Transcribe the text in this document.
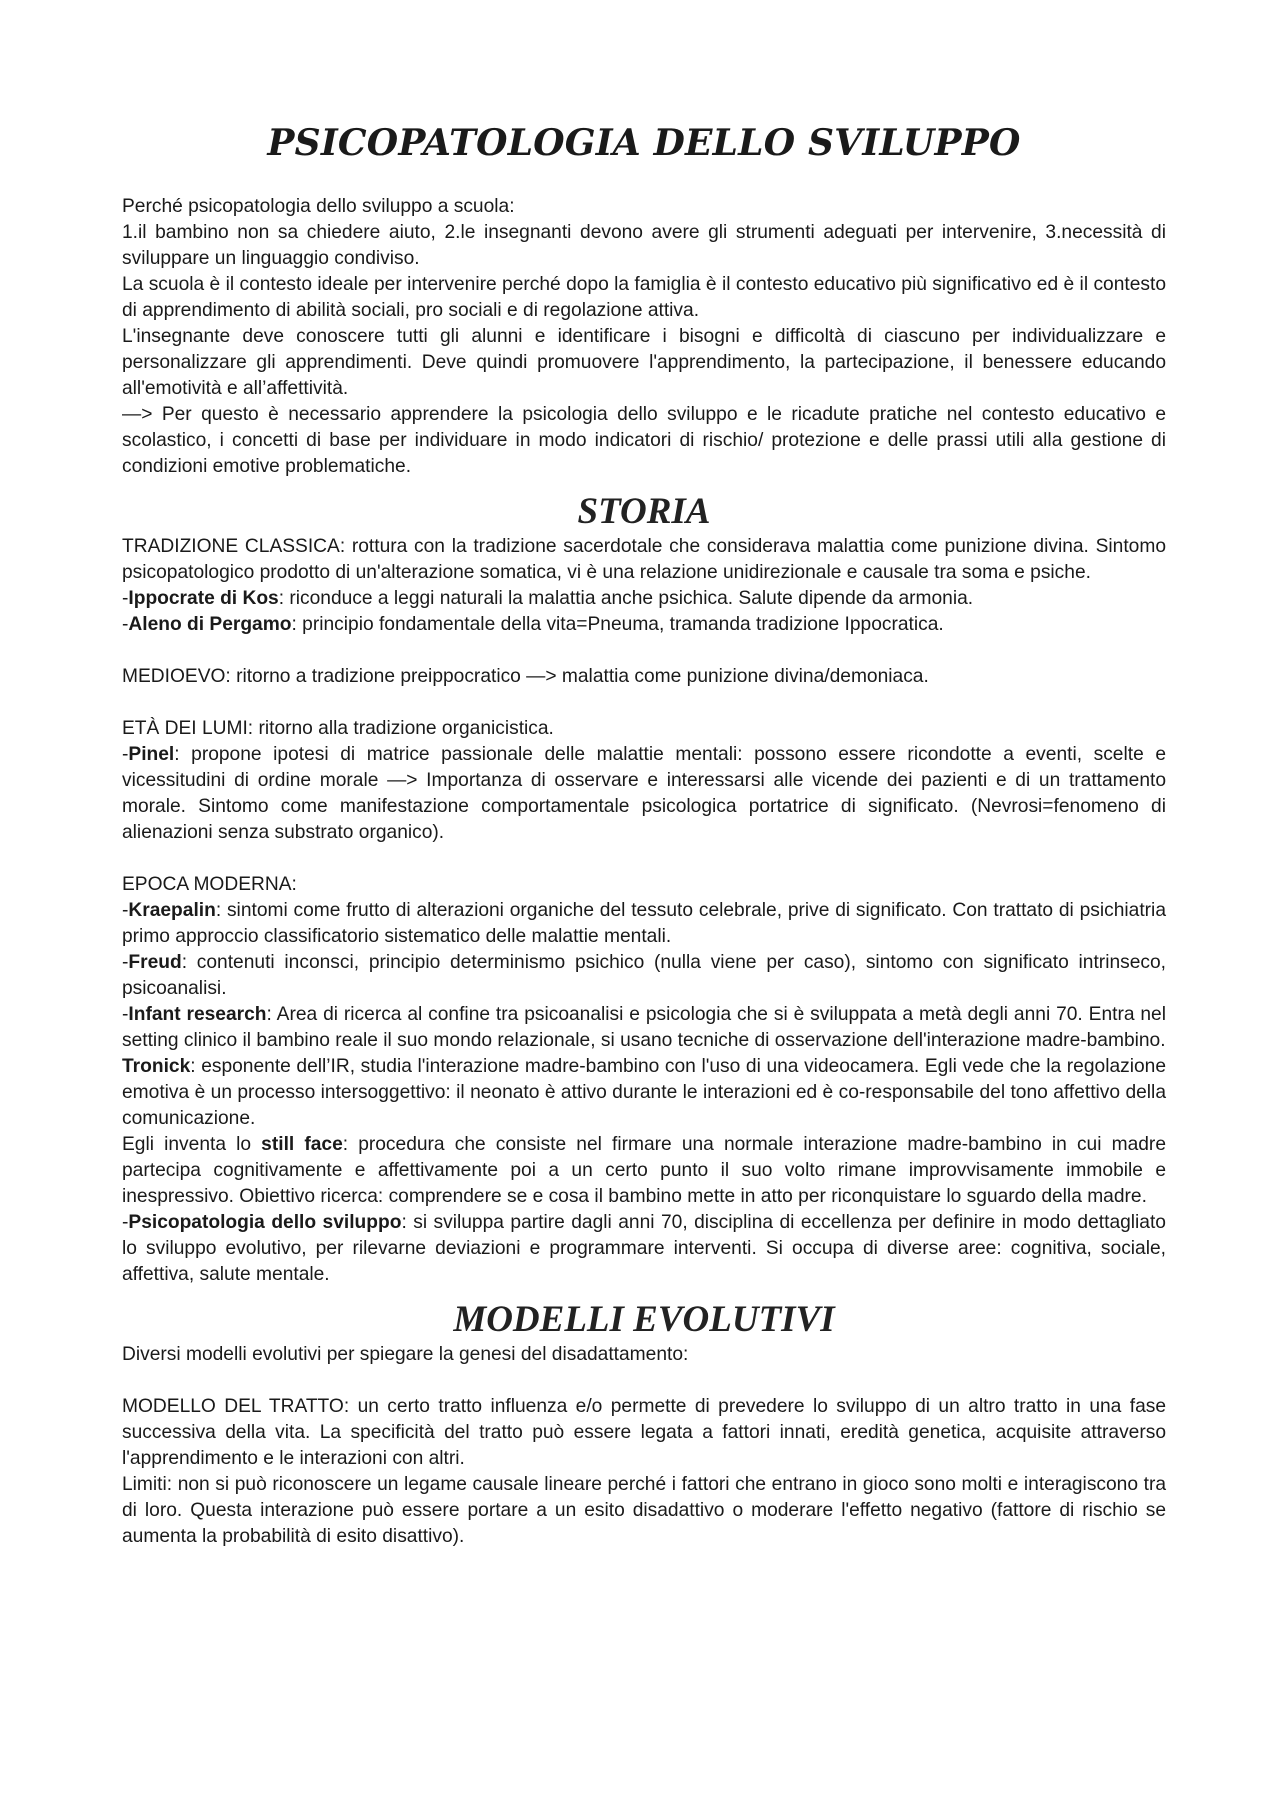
PSICOPATOLOGIA DELLO SVILUPPO

Perché psicopatologia dello sviluppo a scuola:

1.il bambino non sa chiedere aiuto, 2.le insegnanti devono avere gli strumenti adeguati per intervenire, 3.necessità di sviluppare un linguaggio condiviso.

La scuola è il contesto ideale per intervenire perché dopo la famiglia è il contesto educativo più significativo ed è il contesto di apprendimento di abilità sociali, pro sociali e di regolazione attiva.

L'insegnante deve conoscere tutti gli alunni e identificare i bisogni e difficoltà di ciascuno per individualizzare e personalizzare gli apprendimenti. Deve quindi promuovere l'apprendimento, la partecipazione, il benessere educando all'emotività e all’affettività.

—> Per questo è necessario apprendere la psicologia dello sviluppo e le ricadute pratiche nel contesto educativo e scolastico, i concetti di base per individuare in modo indicatori di rischio/ protezione e delle prassi utili alla gestione di condizioni emotive problematiche.

STORIA

TRADIZIONE CLASSICA: rottura con la tradizione sacerdotale che considerava malattia come punizione divina. Sintomo psicopatologico prodotto di un'alterazione somatica, vi è una relazione unidirezionale e causale tra soma e psiche.

-Ippocrate di Kos: riconduce a leggi naturali la malattia anche psichica. Salute dipende da armonia.

-Aleno di Pergamo: principio fondamentale della vita=Pneuma, tramanda tradizione Ippocratica.

MEDIOEVO: ritorno a tradizione preippocratico —> malattia come punizione divina/demoniaca.

ETÀ DEI LUMI: ritorno alla tradizione organicistica.

-Pinel: propone ipotesi di matrice passionale delle malattie mentali: possono essere ricondotte a eventi, scelte e vicessitudini di ordine morale —> Importanza di osservare e interessarsi alle vicende dei pazienti e di un trattamento morale. Sintomo come manifestazione comportamentale psicologica portatrice di significato. (Nevrosi=fenomeno di alienazioni senza substrato organico).

EPOCA MODERNA:

-Kraepalin: sintomi come frutto di alterazioni organiche del tessuto celebrale, prive di significato. Con trattato di psichiatria primo approccio classificatorio sistematico delle malattie mentali.

-Freud: contenuti inconsci, principio determinismo psichico (nulla viene per caso), sintomo con significato intrinseco, psicoanalisi.

-Infant research: Area di ricerca al confine tra psicoanalisi e psicologia che si è sviluppata a metà degli anni 70. Entra nel setting clinico il bambino reale il suo mondo relazionale, si usano tecniche di osservazione dell'interazione madre-bambino.

Tronick: esponente dell’IR, studia l'interazione madre-bambino con l'uso di una videocamera. Egli vede che la regolazione emotiva è un processo intersoggettivo: il neonato è attivo durante le interazioni ed è co-responsabile del tono affettivo della comunicazione.

Egli inventa lo still face: procedura che consiste nel firmare una normale interazione madre-bambino in cui madre partecipa cognitivamente e affettivamente poi a un certo punto il suo volto rimane improvvisamente immobile e inespressivo. Obiettivo ricerca: comprendere se e cosa il bambino mette in atto per riconquistare lo sguardo della madre.

-Psicopatologia dello sviluppo: si sviluppa partire dagli anni 70, disciplina di eccellenza per definire in modo dettagliato lo sviluppo evolutivo, per rilevarne deviazioni e programmare interventi. Si occupa di diverse aree: cognitiva, sociale, affettiva, salute mentale.

MODELLI EVOLUTIVI

Diversi modelli evolutivi per spiegare la genesi del disadattamento:

MODELLO DEL TRATTO: un certo tratto influenza e/o permette di prevedere lo sviluppo di un altro tratto in una fase successiva della vita. La specificità del tratto può essere legata a fattori innati, eredità genetica, acquisite attraverso l'apprendimento e le interazioni con altri.

Limiti: non si può riconoscere un legame causale lineare perché i fattori che entrano in gioco sono molti e interagiscono tra di loro. Questa interazione può essere portare a un esito disadattivo o moderare l'effetto negativo (fattore di rischio se aumenta la probabilità di esito disattivo).
